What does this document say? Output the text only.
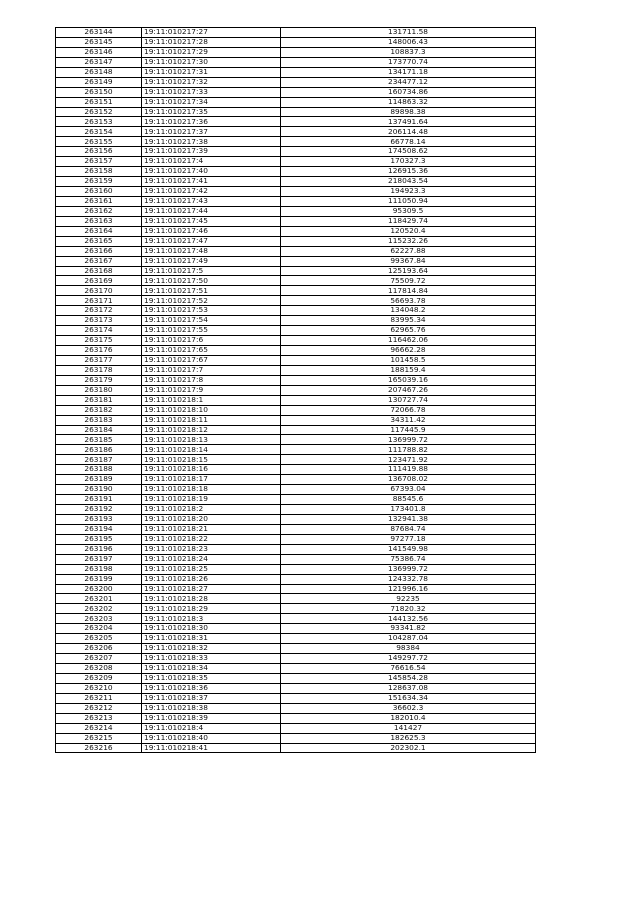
263144	19:11:010217:27	131711.58
263145	19:11:010217:28	148006.43
263146	19:11:010217:29	108837.3
263147	19:11:010217:30	173770.74
263148	19:11:010217:31	134171.18
263149	19:11:010217:32	234477.12
263150	19:11:010217:33	160734.86
263151	19:11:010217:34	114863.32
263152	19:11:010217:35	89898.38
263153	19:11:010217:36	137491.64
263154	19:11:010217:37	206114.48
263155	19:11:010217:38	66778.14
263156	19:11:010217:39	174508.62
263157	19:11:010217:4	170327.3
263158	19:11:010217:40	126915.36
263159	19:11:010217:41	218043.54
263160	19:11:010217:42	194923.3
263161	19:11:010217:43	111050.94
263162	19:11:010217:44	95309.5
263163	19:11:010217:45	118429.74
263164	19:11:010217:46	120520.4
263165	19:11:010217:47	115232.26
263166	19:11:010217:48	62227.88
263167	19:11:010217:49	99367.84
263168	19:11:010217:5	125193.64
263169	19:11:010217:50	75509.72
263170	19:11:010217:51	117814.84
263171	19:11:010217:52	56693.78
263172	19:11:010217:53	134048.2
263173	19:11:010217:54	83995.34
263174	19:11:010217:55	62965.76
263175	19:11:010217:6	116462.06
263176	19:11:010217:65	96662.28
263177	19:11:010217:67	101458.5
263178	19:11:010217:7	188159.4
263179	19:11:010217:8	165039.16
263180	19:11:010217:9	207467.26
263181	19:11:010218:1	130727.74
263182	19:11:010218:10	72066.78
263183	19:11:010218:11	34311.42
263184	19:11:010218:12	117445.9
263185	19:11:010218:13	136999.72
263186	19:11:010218:14	111788.82
263187	19:11:010218:15	123471.92
263188	19:11:010218:16	111419.88
263189	19:11:010218:17	136708.02
263190	19:11:010218:18	67393.04
263191	19:11:010218:19	88545.6
263192	19:11:010218:2	173401.8
263193	19:11:010218:20	132941.38
263194	19:11:010218:21	87684.74
263195	19:11:010218:22	97277.18
263196	19:11:010218:23	141549.98
263197	19:11:010218:24	75386.74
263198	19:11:010218:25	136999.72
263199	19:11:010218:26	124332.78
263200	19:11:010218:27	121996.16
263201	19:11:010218:28	92235
263202	19:11:010218:29	71820.32
263203	19:11:010218:3	144132.56
263204	19:11:010218:30	93341.82
263205	19:11:010218:31	104287.04
263206	19:11:010218:32	98384
263207	19:11:010218:33	149297.72
263208	19:11:010218:34	76616.54
263209	19:11:010218:35	145854.28
263210	19:11:010218:36	128637.08
263211	19:11:010218:37	151634.34
263212	19:11:010218:38	36602.3
263213	19:11:010218:39	182010.4
263214	19:11:010218:4	141427
263215	19:11:010218:40	182625.3
263216	19:11:010218:41	202302.1
